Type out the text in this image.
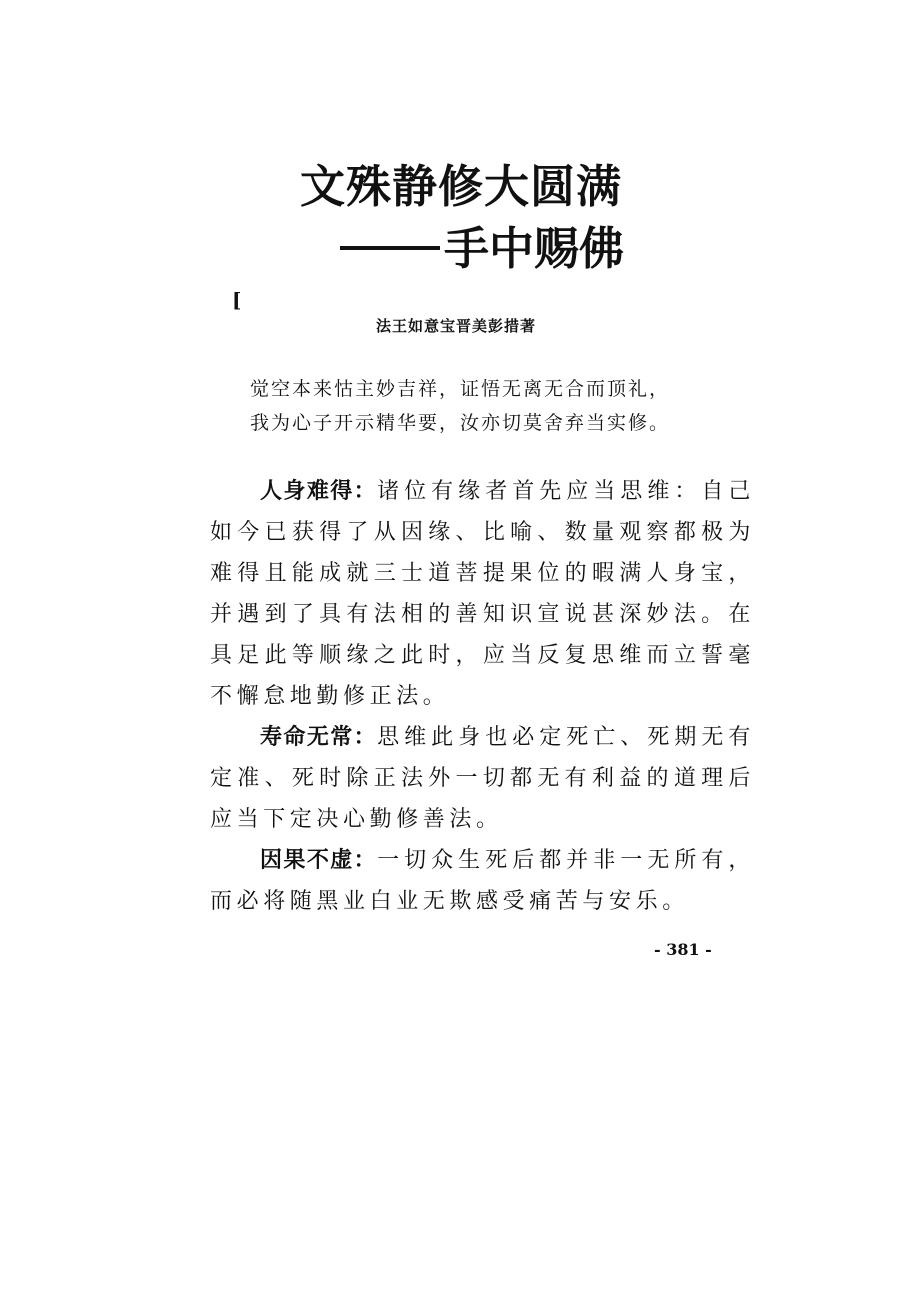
文殊静修大圆满
手中赐佛
[
法王如意宝晋美彭措著
觉空本来怙主妙吉祥，证悟无离无合而顶礼，
我为心子开示精华要，汝亦切莫舍弃当实修。

人身难得：诸位有缘者首先应当思维：自己如今已获得了从因缘、比喻、数量观察都极为难得且能成就三士道菩提果位的暇满人身宝，并遇到了具有法相的善知识宣说甚深妙法。在具足此等顺缘之此时，应当反复思维而立誓毫不懈怠地勤修正法。

寿命无常：思维此身也必定死亡、死期无有定准、死时除正法外一切都无有利益的道理后应当下定决心勤修善法。

因果不虚：一切众生死后都并非一无所有，而必将随黑业白业无欺感受痛苦与安乐。

- 381 -
